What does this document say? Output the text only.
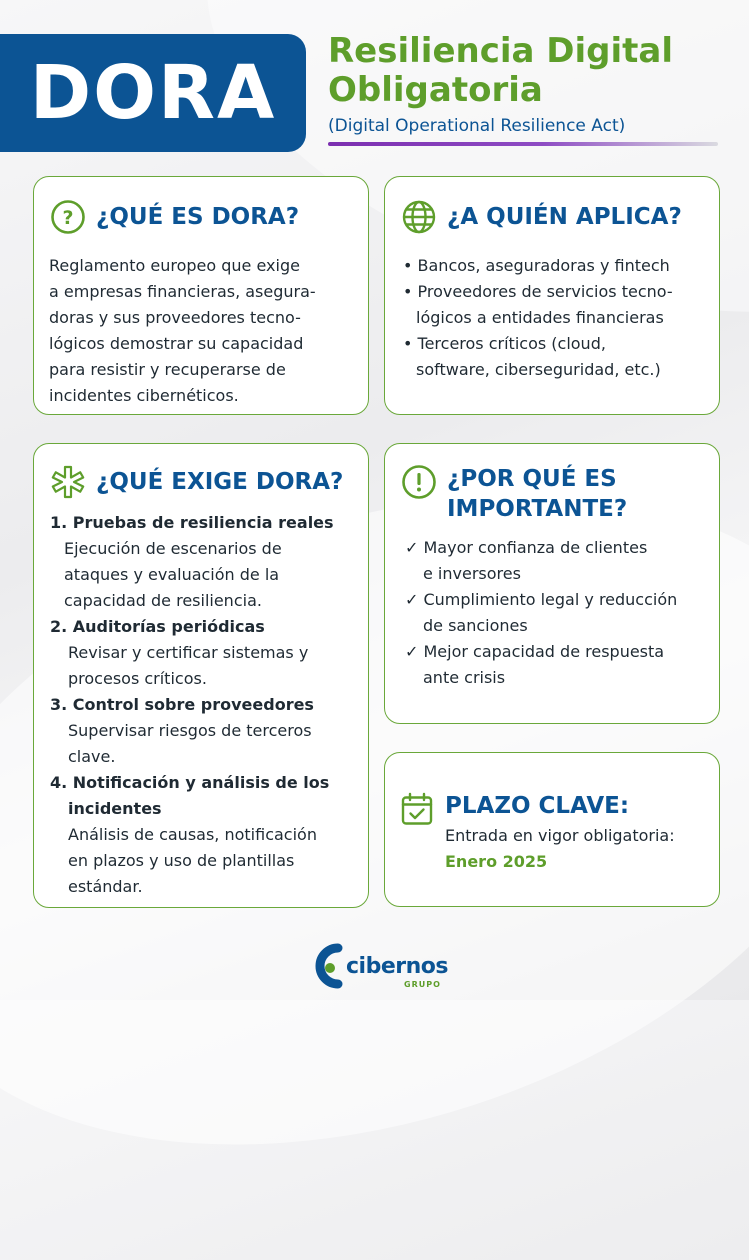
DORA Resiliencia Digital
Obligatoria
(Digital Operational Resilience Act)
? ¿QUÉ ES DORA?
Reglamento europeo que exige
a empresas financieras, asegura-
doras y sus proveedores tecno-
lógicos demostrar su capacidad
para resistir y recuperarse de
incidentes cibernéticos.
¿A QUIÉN APLICA?
• Bancos, aseguradoras y fintech
• Proveedores de servicios tecno-
lógicos a entidades financieras
• Terceros críticos (cloud,
software, ciberseguridad, etc.)
¿QUÉ EXIGE DORA?
1. Pruebas de resiliencia reales
Ejecución de escenarios de
ataques y evaluación de la
capacidad de resiliencia.
2. Auditorías periódicas
Revisar y certificar sistemas y
procesos críticos.
3. Control sobre proveedores
Supervisar riesgos de terceros
clave.
4. Notificación y análisis de los
incidentes
Análisis de causas, notificación
en plazos y uso de plantillas
estándar.
¿POR QUÉ ES
IMPORTANTE?
✓ Mayor confianza de clientes
e inversores
✓ Cumplimiento legal y reducción
de sanciones
✓ Mejor capacidad de respuesta
ante crisis
PLAZO CLAVE:
Entrada en vigor obligatoria:
Enero 2025
cibernos
GRUPO
